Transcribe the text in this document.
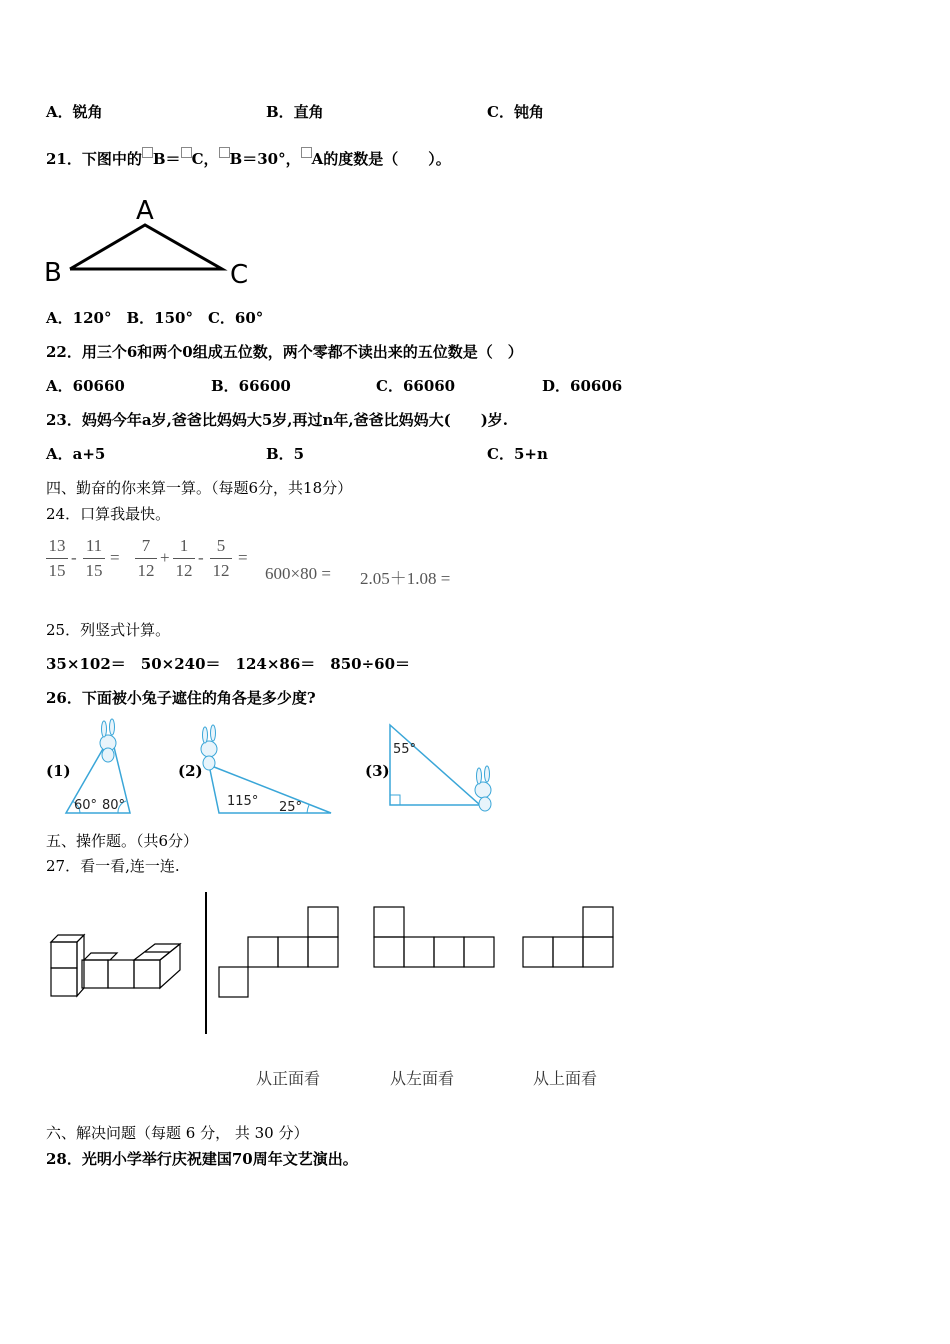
A．锐角	B．直角	C．钝角
21．下图中的 B＝ C， B＝30°， A的度数是（　　）。
A
B	C
A．120°　B．150°　C．60°
22．用三个6和两个0组成五位数，两个零都不读出来的五位数是（　）
A．60660	B．66600	C．66060	D．60606
23．妈妈今年a岁,爸爸比妈妈大5岁,再过n年,爸爸比妈妈大(　　)岁.
A．a+5	B．5	C．5+n
四、勤奋的你来算一算。（每题6分，共18分）
24．口算我最快。
13
15
-
11
15
=
7
12
+
1
12
-
5
12
=
600×80 = 2.05＋1.08 =
25．列竖式计算。
35×102＝　50×240＝　124×86＝　850÷60＝
26．下面被小兔子遮住的角各是多少度?
(1)	(2)	(3)
60° 80°	115° 25°
55°
五、操作题。（共6分）
27．看一看,连一连.
从正面看	从左面看	从上面看
六、解决问题（每题 6 分， 共 30 分）
28．光明小学举行庆祝建国70周年文艺演出。
